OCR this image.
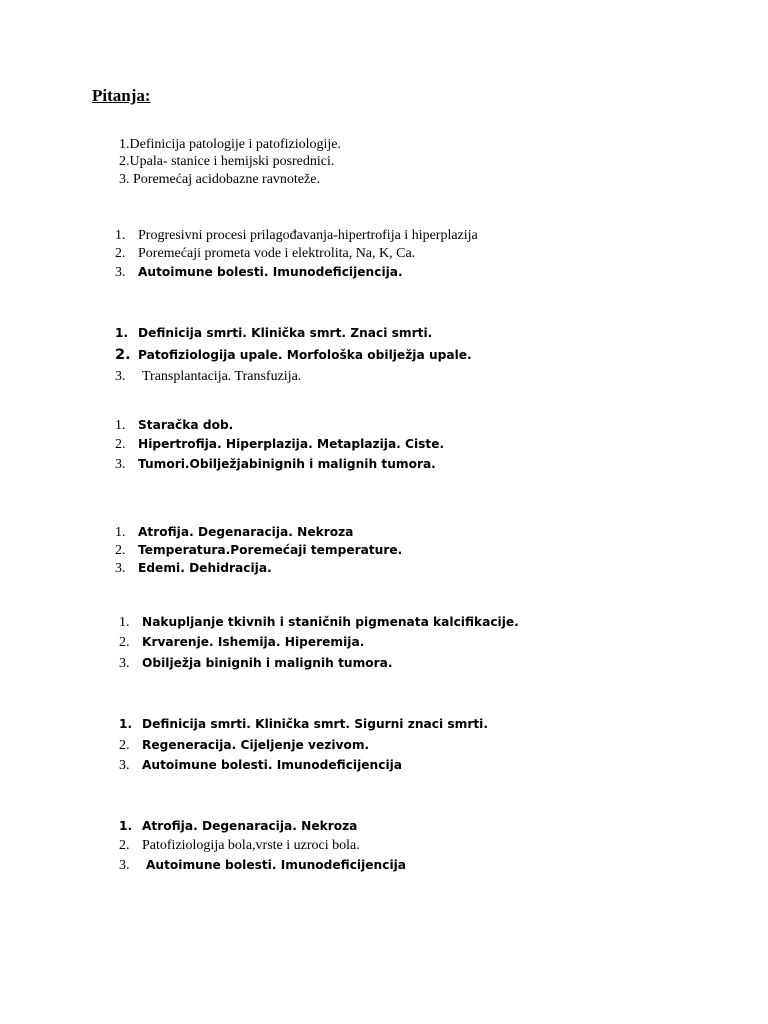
Pitanja:
1.Definicija patologije i patofiziologije.
2.Upala- stanice i hemijski posrednici.
3. Poremećaj acidobazne ravnoteže.
1. Progresivni procesi prilagođavanja-hipertrofija i hiperplazija
2. Poremećaji prometa vode i elektrolita, Na, K, Ca.
3. Autoimune bolesti. Imunodeficijencija.
1. Definicija smrti. Klinička smrt. Znaci smrti.
2. Patofiziologija upale. Morfološka obilježja upale.
3. Transplantacija. Transfuzija.
1. Staračka dob.
2. Hipertrofija. Hiperplazija. Metaplazija. Ciste.
3. Tumori.Obilježjabinignih i malignih tumora.
1. Atrofija. Degenaracija. Nekroza
2. Temperatura.Poremećaji temperature.
3. Edemi. Dehidracija.
1. Nakupljanje tkivnih i staničnih pigmenata kalcifikacije.
2. Krvarenje. Ishemija. Hiperemija.
3. Obilježja binignih i malignih tumora.
1. Definicija smrti. Klinička smrt. Sigurni znaci smrti.
2. Regeneracija. Cijeljenje vezivom.
3. Autoimune bolesti. Imunodeficijencija
1. Atrofija. Degenaracija. Nekroza
2. Patofiziologija bola,vrste i uzroci bola.
3. Autoimune bolesti. Imunodeficijencija
